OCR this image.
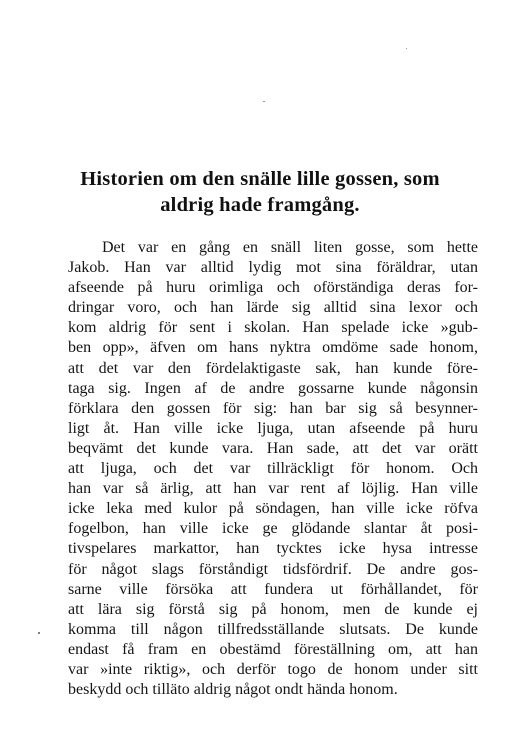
Historien om den snälle lille gossen, som
aldrig hade framgång.
Det var en gång en snäll liten gosse, som hette
Jakob. Han var alltid lydig mot sina föräldrar, utan
afseende på huru orimliga och oförständiga deras for-
dringar voro, och han lärde sig alltid sina lexor och
kom aldrig för sent i skolan. Han spelade icke »gub-
ben opp», äfven om hans nyktra omdöme sade honom,
att det var den fördelaktigaste sak, han kunde före-
taga sig. Ingen af de andre gossarne kunde någonsin
förklara den gossen för sig: han bar sig så besynner-
ligt åt. Han ville icke ljuga, utan afseende på huru
beqvämt det kunde vara. Han sade, att det var orätt
att ljuga, och det var tillräckligt för honom. Och
han var så ärlig, att han var rent af löjlig. Han ville
icke leka med kulor på söndagen, han ville icke röfva
fogelbon, han ville icke ge glödande slantar åt posi-
tivspelares markattor, han tycktes icke hysa intresse
för något slags förståndigt tidsfördrif. De andre gos-
sarne ville försöka att fundera ut förhållandet, för
att lära sig förstå sig på honom, men de kunde ej
komma till någon tillfredsställande slutsats. De kunde
endast få fram en obestämd föreställning om, att han
var »inte riktig», och derför togo de honom under sitt
beskydd och tilläto aldrig något ondt hända honom.
